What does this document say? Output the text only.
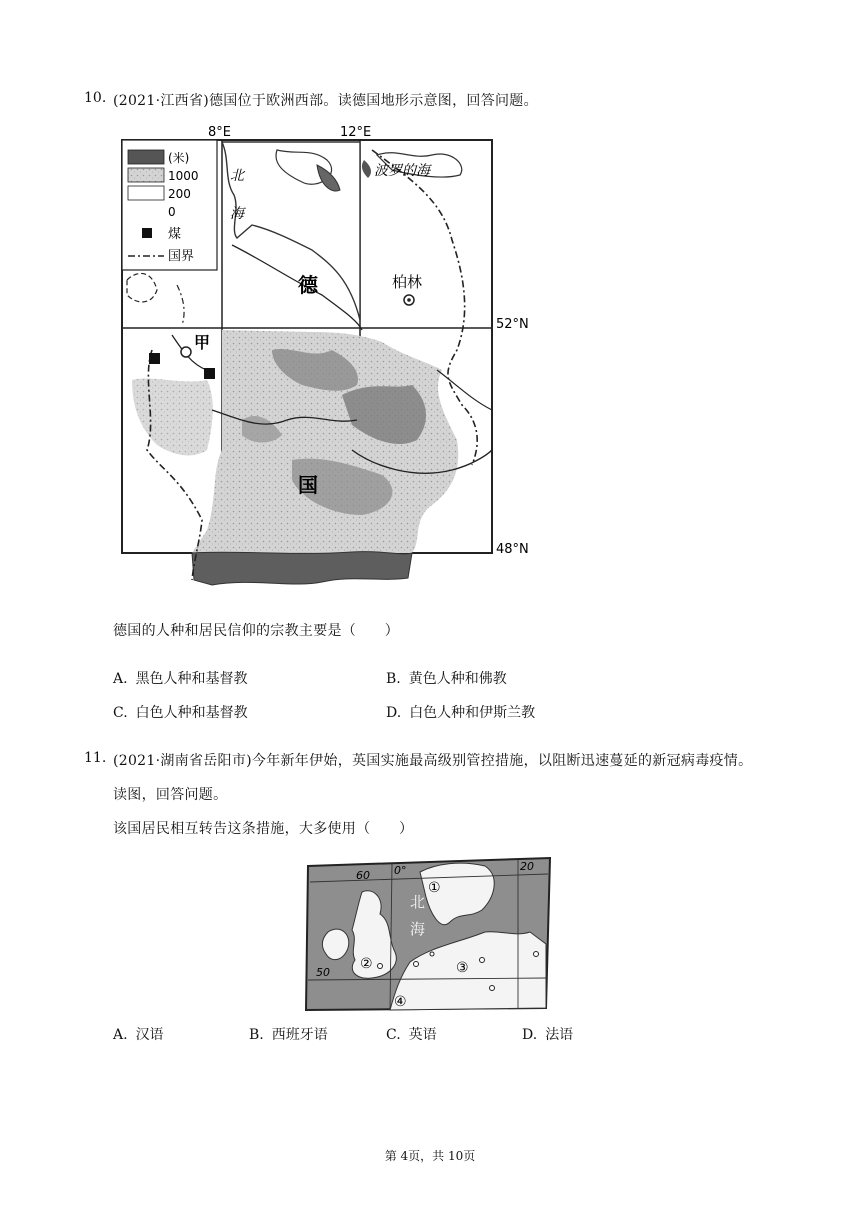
10. (2021·江西省)德国位于欧洲西部。读德国地形示意图，回答问题。
8°E	12°E
52°N
48°N
(米)
1000
200
0
煤
国界
北
海
波罗的海
德
国
柏林
甲
德国的人种和居民信仰的宗教主要是（　　）
A. 黑色人种和基督教	B. 黄色人种和佛教
C. 白色人种和基督教	D. 白色人种和伊斯兰教
11. (2021·湖南省岳阳市)今年新年伊始，英国实施最高级别管控措施，以阻断迅速蔓延的新冠病毒疫情。
读图，回答问题。
该国居民相互转告这条措施，大多使用（　　）
60 0°	20
50
北
海
①
②	③
④
A. 汉语	B. 西班牙语	C. 英语	D. 法语
第 4页，共 10页
